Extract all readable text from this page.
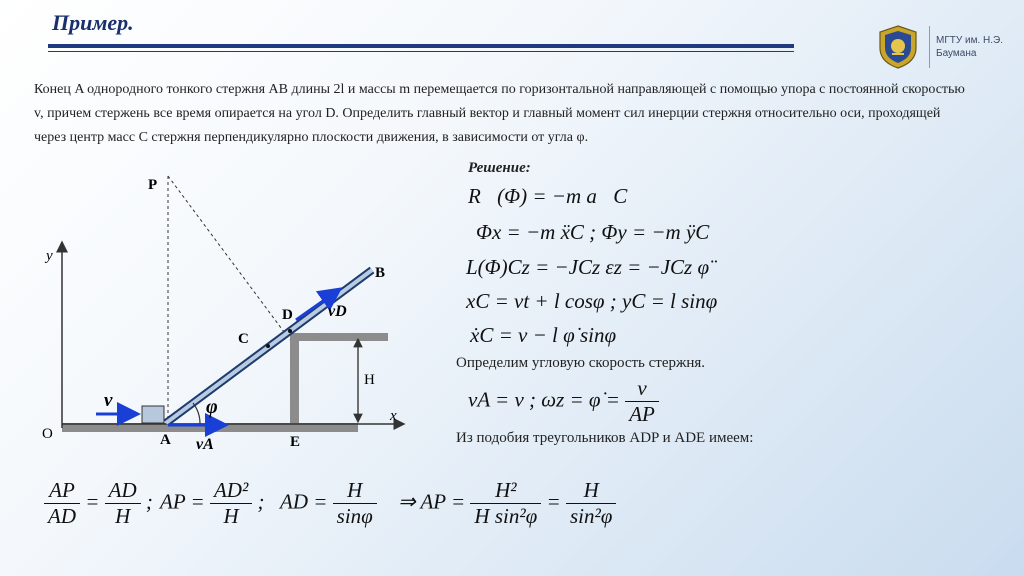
Пример.
МГТУ им. Н.Э. Баумана
Конец A однородного тонкого стержня AB длины 2l и массы m перемещается по горизонтальной направляющей с помощью упора с постоянной скоростью v, причем стержень все время опирается на угол D. Определить главный вектор и главный момент сил инерции стержня относительно оси, проходящей через центр масс C стержня перпендикулярно плоскости движения, в зависимости от угла φ.
P
B
D
C
A	E
O
x
y
H
v
vA
vD
φ
Решение:
R⃗(Φ) = −m a⃗C
Φx = −m ẍC ; Φy = −m ÿC
L(Φ)Cz = −JCz εz = −JCz φ̈
xC = vt + l cosφ ; yC = l sinφ
ẋC = v − l φ̇ sinφ
Определим угловую скорость стержня.
vA = v ; ωz = φ̇ = $\frac{v}{AP}$
Из подобия треугольников ADP и ADE имеем:
$\frac{AP}{AD} = \frac{AD}{H}$ ; AP = $\frac{\text{AD²}}{H}$ ; AD = $\frac{H}{\sin\varphi}$ ⇒ AP = $\frac{\text{H²}}{\text{H sin²φ}} = \frac{H}{\text{sin²φ}}$
